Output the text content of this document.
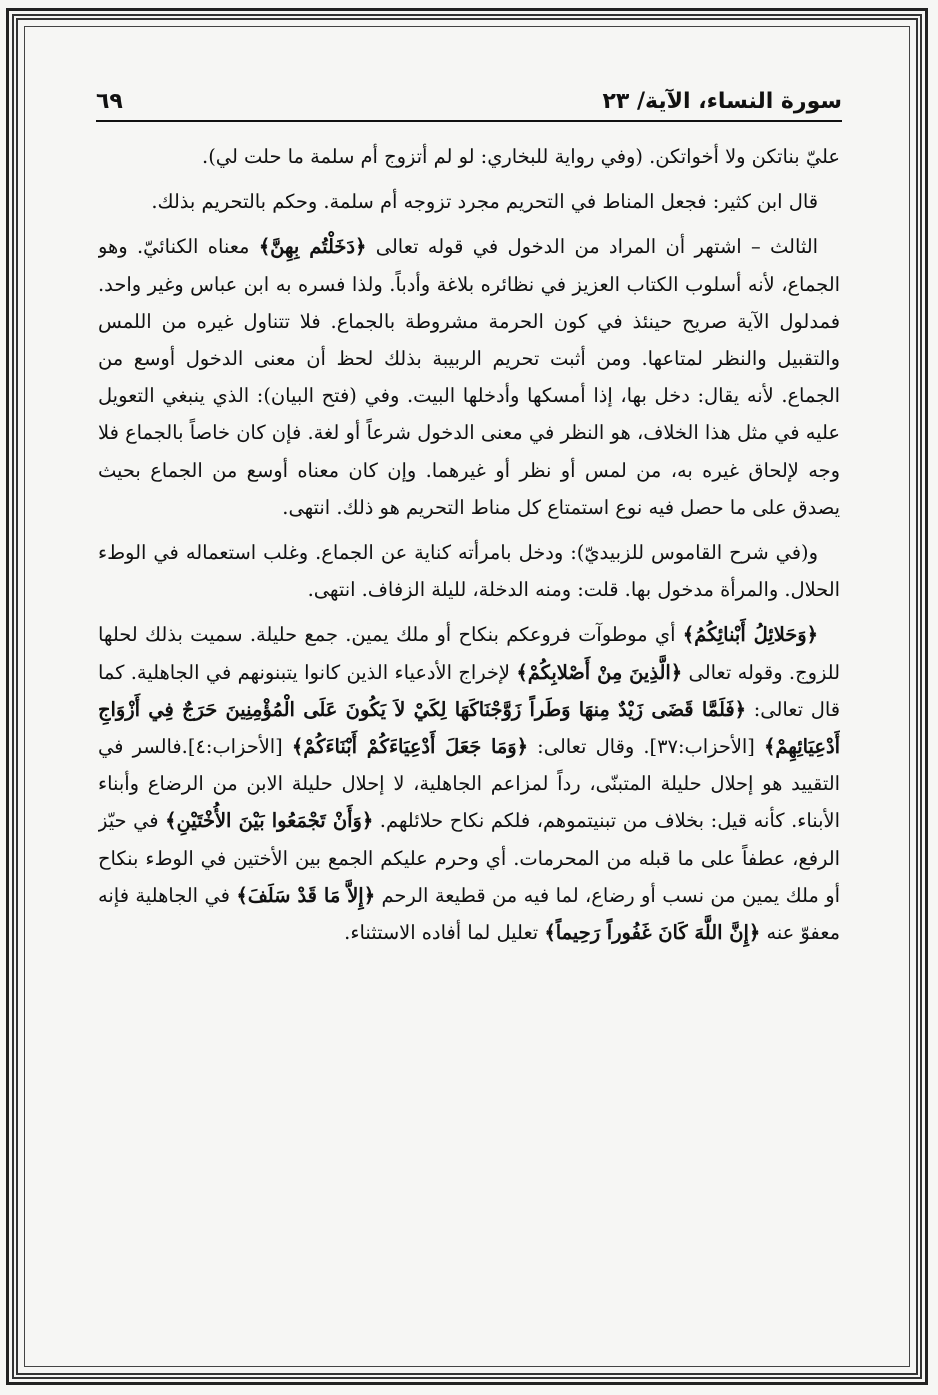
سورة النساء، الآية/ ٢٣
٦٩

عليّ بناتكن ولا أخواتكن. (وفي رواية للبخاري: لو لم أتزوج أم سلمة ما حلت لي).

قال ابن كثير: فجعل المناط في التحريم مجرد تزوجه أم سلمة. وحكم بالتحريم بذلك.

الثالث – اشتهر أن المراد من الدخول في قوله تعالى ﴿دَخَلْتُم بِهِنَّ﴾ معناه الكنائيّ. وهو الجماع، لأنه أسلوب الكتاب العزيز في نظائره بلاغة وأدباً. ولذا فسره به ابن عباس وغير واحد. فمدلول الآية صريح حينئذ في كون الحرمة مشروطة بالجماع. فلا تتناول غيره من اللمس والتقبيل والنظر لمتاعها. ومن أثبت تحريم الربيبة بذلك لحظ أن معنى الدخول أوسع من الجماع. لأنه يقال: دخل بها، إذا أمسكها وأدخلها البيت. وفي (فتح البيان): الذي ينبغي التعويل عليه في مثل هذا الخلاف، هو النظر في معنى الدخول شرعاً أو لغة. فإن كان خاصاً بالجماع فلا وجه لإلحاق غيره به، من لمس أو نظر أو غيرهما. وإن كان معناه أوسع من الجماع بحيث يصدق على ما حصل فيه نوع استمتاع كل مناط التحريم هو ذلك. انتهى.

و(في شرح القاموس للزبيديّ): ودخل بامرأته كناية عن الجماع. وغلب استعماله في الوطء الحلال. والمرأة مدخول بها. قلت: ومنه الدخلة، لليلة الزفاف. انتهى.

﴿وَحَلائِلُ أَبْنائِكُمُ﴾ أي موطوآت فروعكم بنكاح أو ملك يمين. جمع حليلة. سميت بذلك لحلها للزوج. وقوله تعالى ﴿الَّذِينَ مِنْ أَصْلابِكُمْ﴾ لإخراج الأدعياء الذين كانوا يتبنونهم في الجاهلية. كما قال تعالى: ﴿فَلَمَّا قَضَى زَيْدٌ مِنهَا وَطَراً زَوَّجْنَاكَهَا لِكَيْ لاَ يَكُونَ عَلَى الْمُؤْمِنِينَ حَرَجٌ فِي أَزْوَاجِ أَدْعِيَائِهِمْ﴾ [الأحزاب:٣٧]. وقال تعالى: ﴿وَمَا جَعَلَ أَدْعِيَاءَكُمْ أَبْنَاءَكُمْ﴾ [الأحزاب:٤].فالسر في التقييد هو إحلال حليلة المتبنّى، رداً لمزاعم الجاهلية، لا إحلال حليلة الابن من الرضاع وأبناء الأبناء. كأنه قيل: بخلاف من تبنيتموهم، فلكم نكاح حلائلهم. ﴿وَأَنْ تَجْمَعُوا بَيْنَ الأُخْتَيْنِ﴾ في حيّز الرفع، عطفاً على ما قبله من المحرمات. أي وحرم عليكم الجمع بين الأختين في الوطء بنكاح أو ملك يمين من نسب أو رضاع، لما فيه من قطيعة الرحم ﴿إِلاَّ مَا قَدْ سَلَفَ﴾ في الجاهلية فإنه معفوّ عنه ﴿إِنَّ اللَّهَ كَانَ غَفُوراً رَحِيماً﴾ تعليل لما أفاده الاستثناء.
